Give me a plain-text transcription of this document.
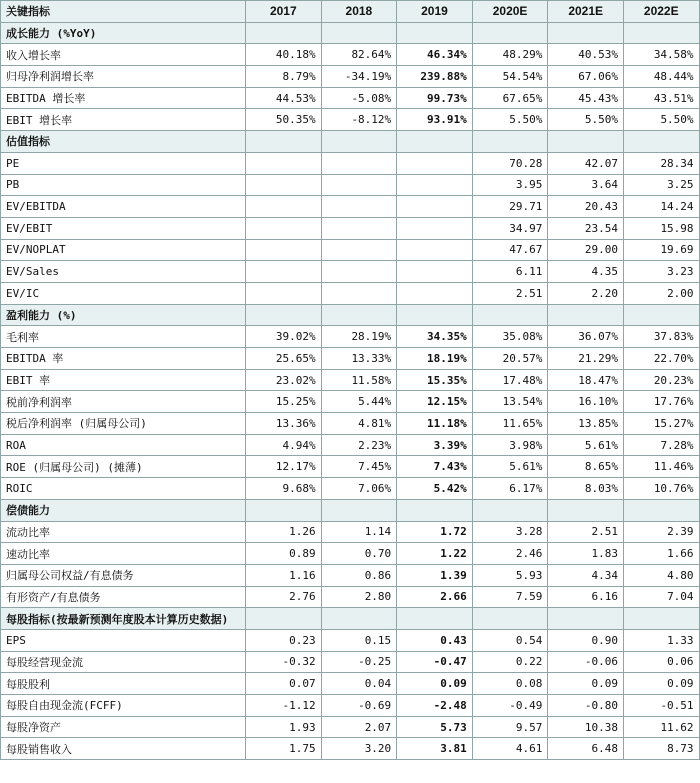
关键指标	2017	2018	2019	2020E	2021E	2022E
成长能力 (%YoY)						
收入增长率	40.18%	82.64%	46.34%	48.29%	40.53%	34.58%
归母净利润增长率	8.79%	-34.19%	239.88%	54.54%	67.06%	48.44%
EBITDA 增长率	44.53%	-5.08%	99.73%	67.65%	45.43%	43.51%
EBIT 增长率	50.35%	-8.12%	93.91%	5.50%	5.50%	5.50%
估值指标						
PE				70.28	42.07	28.34
PB				3.95	3.64	3.25
EV/EBITDA				29.71	20.43	14.24
EV/EBIT				34.97	23.54	15.98
EV/NOPLAT				47.67	29.00	19.69
EV/Sales				6.11	4.35	3.23
EV/IC				2.51	2.20	2.00
盈利能力 (%)						
毛利率	39.02%	28.19%	34.35%	35.08%	36.07%	37.83%
EBITDA 率	25.65%	13.33%	18.19%	20.57%	21.29%	22.70%
EBIT 率	23.02%	11.58%	15.35%	17.48%	18.47%	20.23%
税前净利润率	15.25%	5.44%	12.15%	13.54%	16.10%	17.76%
税后净利润率 (归属母公司)	13.36%	4.81%	11.18%	11.65%	13.85%	15.27%
ROA	4.94%	2.23%	3.39%	3.98%	5.61%	7.28%
ROE (归属母公司) (摊薄)	12.17%	7.45%	7.43%	5.61%	8.65%	11.46%
ROIC	9.68%	7.06%	5.42%	6.17%	8.03%	10.76%
偿债能力						
流动比率	1.26	1.14	1.72	3.28	2.51	2.39
速动比率	0.89	0.70	1.22	2.46	1.83	1.66
归属母公司权益/有息债务	1.16	0.86	1.39	5.93	4.34	4.80
有形资产/有息债务	2.76	2.80	2.66	7.59	6.16	7.04
每股指标(按最新预测年度股本计算历史数据)						
EPS	0.23	0.15	0.43	0.54	0.90	1.33
每股经营现金流	-0.32	-0.25	-0.47	0.22	-0.06	0.06
每股股利	0.07	0.04	0.09	0.08	0.09	0.09
每股自由现金流(FCFF)	-1.12	-0.69	-2.48	-0.49	-0.80	-0.51
每股净资产	1.93	2.07	5.73	9.57	10.38	11.62
每股销售收入	1.75	3.20	3.81	4.61	6.48	8.73
